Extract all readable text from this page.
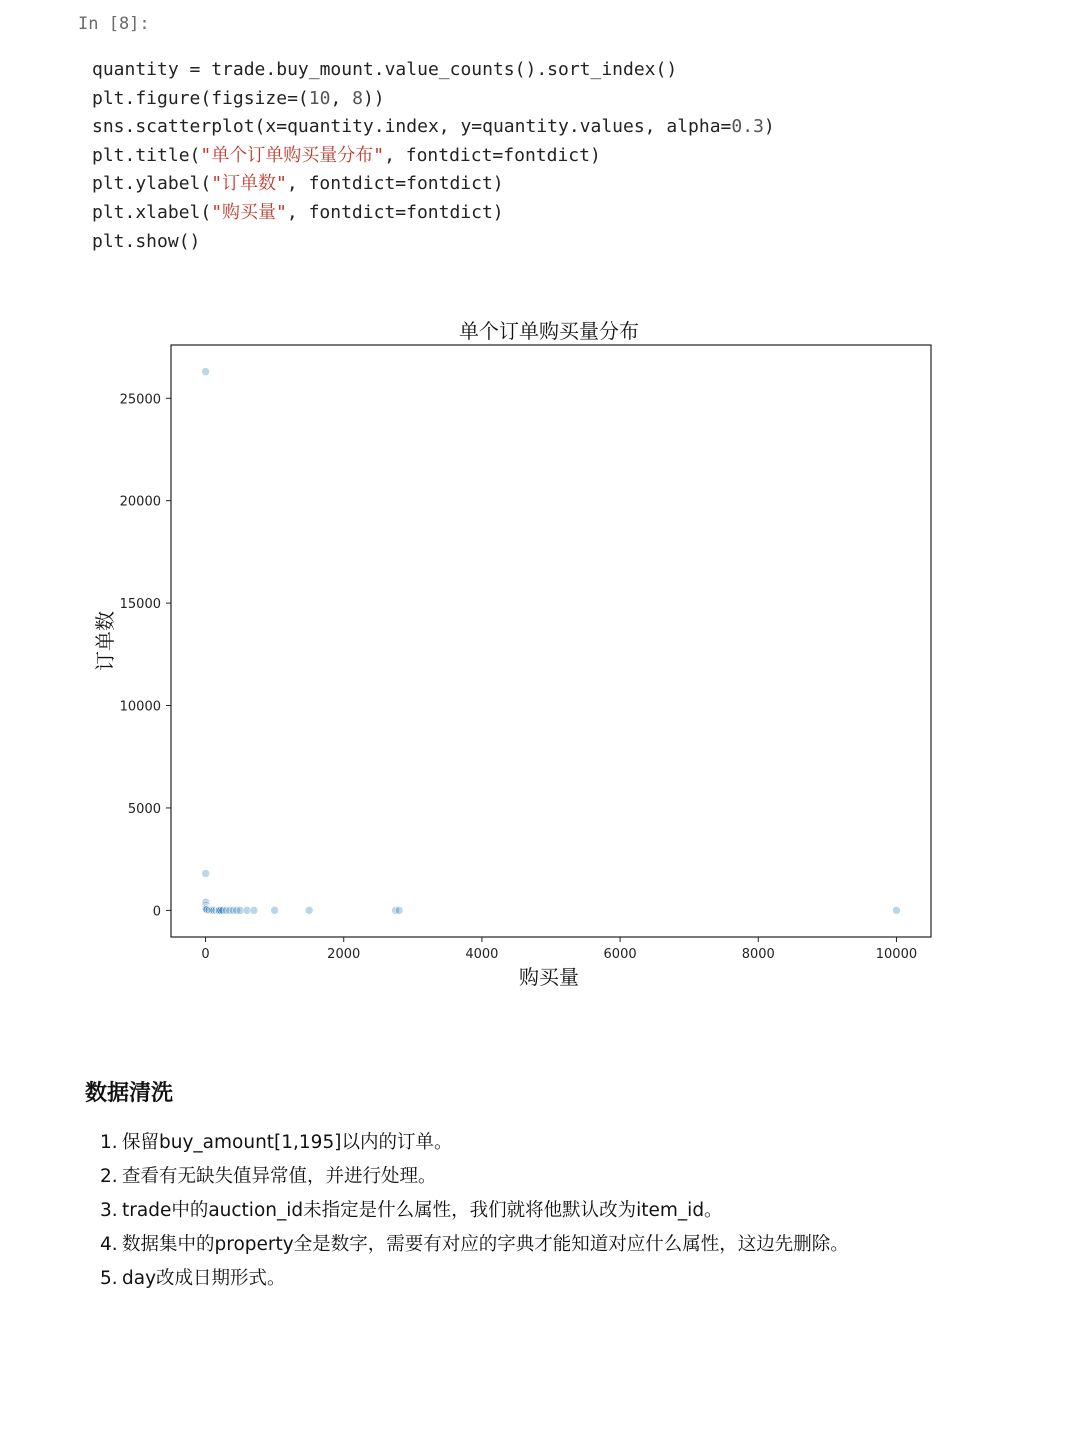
In [8]:
quantity = trade.buy_mount.value_counts().sort_index()
plt.figure(figsize=(10, 8))
sns.scatterplot(x=quantity.index, y=quantity.values, alpha=0.3)
plt.title("单个订单购买量分布", fontdict=fontdict)
plt.ylabel("订单数", fontdict=fontdict)
plt.xlabel("购买量", fontdict=fontdict)
plt.show()
单个订单购买量分布
0
5000
10000
15000
20000
25000
0	2000	4000	6000	8000	10000
购买量
订单数
数据清洗
1. 保留buy_amount[1,195]以内的订单。
2. 查看有无缺失值异常值，并进行处理。
3. trade中的auction_id未指定是什么属性，我们就将他默认改为item_id。
4. 数据集中的property全是数字，需要有对应的字典才能知道对应什么属性，这边先删除。
5. day改成日期形式。
